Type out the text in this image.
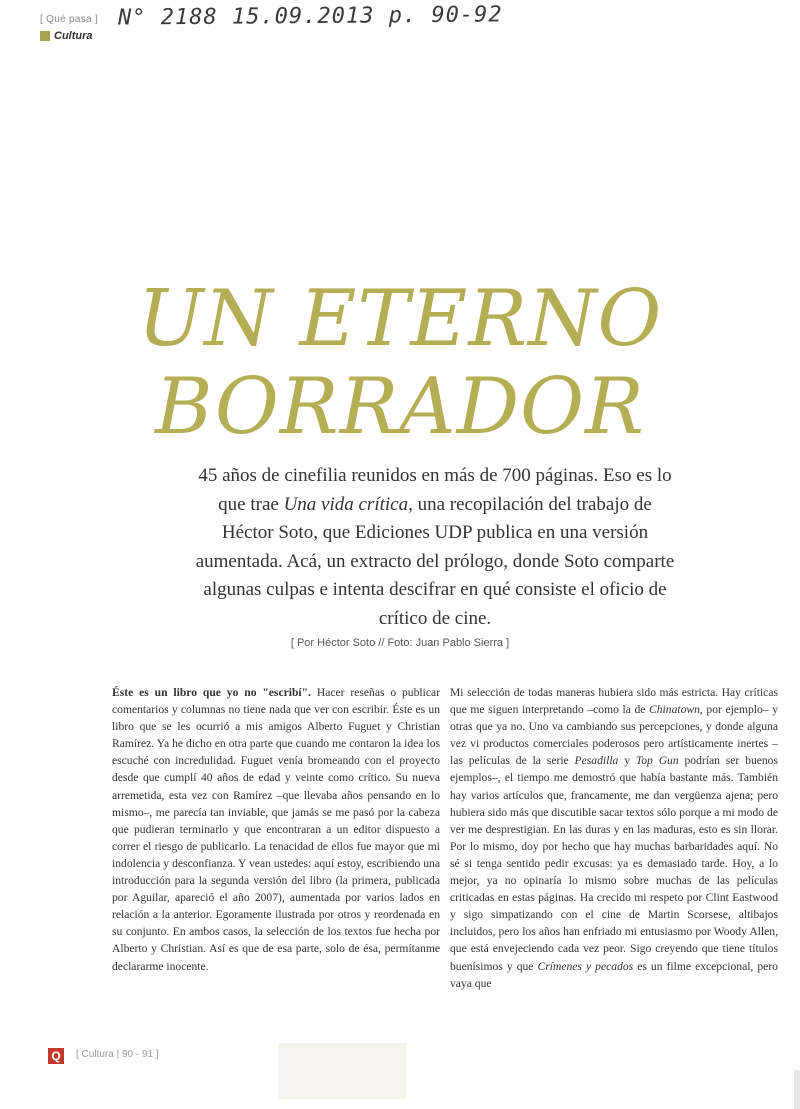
[ Qué pasa ]
Cultura
N° 2188 15.09.2013 p. 90-92
UN ETERNO
BORRADOR
45 años de cinefilia reunidos en más de 700 páginas. Eso es lo que trae Una vida crítica, una recopilación del trabajo de Héctor Soto, que Ediciones UDP publica en una versión aumentada. Acá, un extracto del prólogo, donde Soto comparte algunas culpas e intenta descifrar en qué consiste el oficio de crítico de cine.
[ Por Héctor Soto // Foto: Juan Pablo Sierra ]

Éste es un libro que yo no "escribí". Hacer reseñas o publicar comentarios y columnas no tiene nada que ver con escribir. Éste es un libro que se les ocurrió a mis amigos Alberto Fuguet y Christian Ramírez. Ya he dicho en otra parte que cuando me contaron la idea los escuché con incredulidad. Fuguet venía bromeando con el proyecto desde que cumplí 40 años de edad y veinte como crítico. Su nueva arremetida, esta vez con Ramírez –que llevaba años pensando en lo mismo–, me parecía tan inviable, que jamás se me pasó por la cabeza que pudieran terminarlo y que encontraran a un editor dispuesto a correr el riesgo de publicarlo. La tenacidad de ellos fue mayor que mi indolencia y desconfianza. Y vean ustedes: aquí estoy, escribiendo una introducción para la segunda versión del libro (la primera, publicada por Aguilar, apareció el año 2007), aumentada por varios lados en relación a la anterior. Egoramente ilustrada por otros y reordenada en su conjunto. En ambos casos, la selección de los textos fue hecha por Alberto y Christian. Así es que de esa parte, solo de ésa, permítanme declararme inocente.

Mi selección de todas maneras hubiera sido más estricta. Hay críticas que me siguen interpretando –como la de Chinatown, por ejemplo– y otras que ya no. Uno va cambiando sus percepciones, y donde alguna vez vi productos comerciales poderosos pero artísticamente inertes –las películas de la serie Pesadilla y Top Gun podrían ser buenos ejemplos–, el tiempo me demostró que había bastante más. También hay varios artículos que, francamente, me dan vergüenza ajena; pero hubiera sido más que discutible sacar textos sólo porque a mi modo de ver me desprestigian. En las duras y en las maduras, esto es sin llorar. Por lo mismo, doy por hecho que hay muchas barbaridades aquí. No sé si tenga sentido pedir excusas: ya es demasiado tarde. Hoy, a lo mejor, ya no opinaría lo mismo sobre muchas de las películas criticadas en estas páginas. Ha crecido mi respeto por Clint Eastwood y sigo simpatizando con el cine de Martin Scorsese, altibajos incluidos, pero los años han enfriado mi entusiasmo por Woody Allen, que está envejeciendo cada vez peor. Sigo creyendo que tiene títulos buenísimos y que Crímenes y pecados es un filme excepcional, pero vaya que

Q	[ Cultura | 90 - 91 ]
